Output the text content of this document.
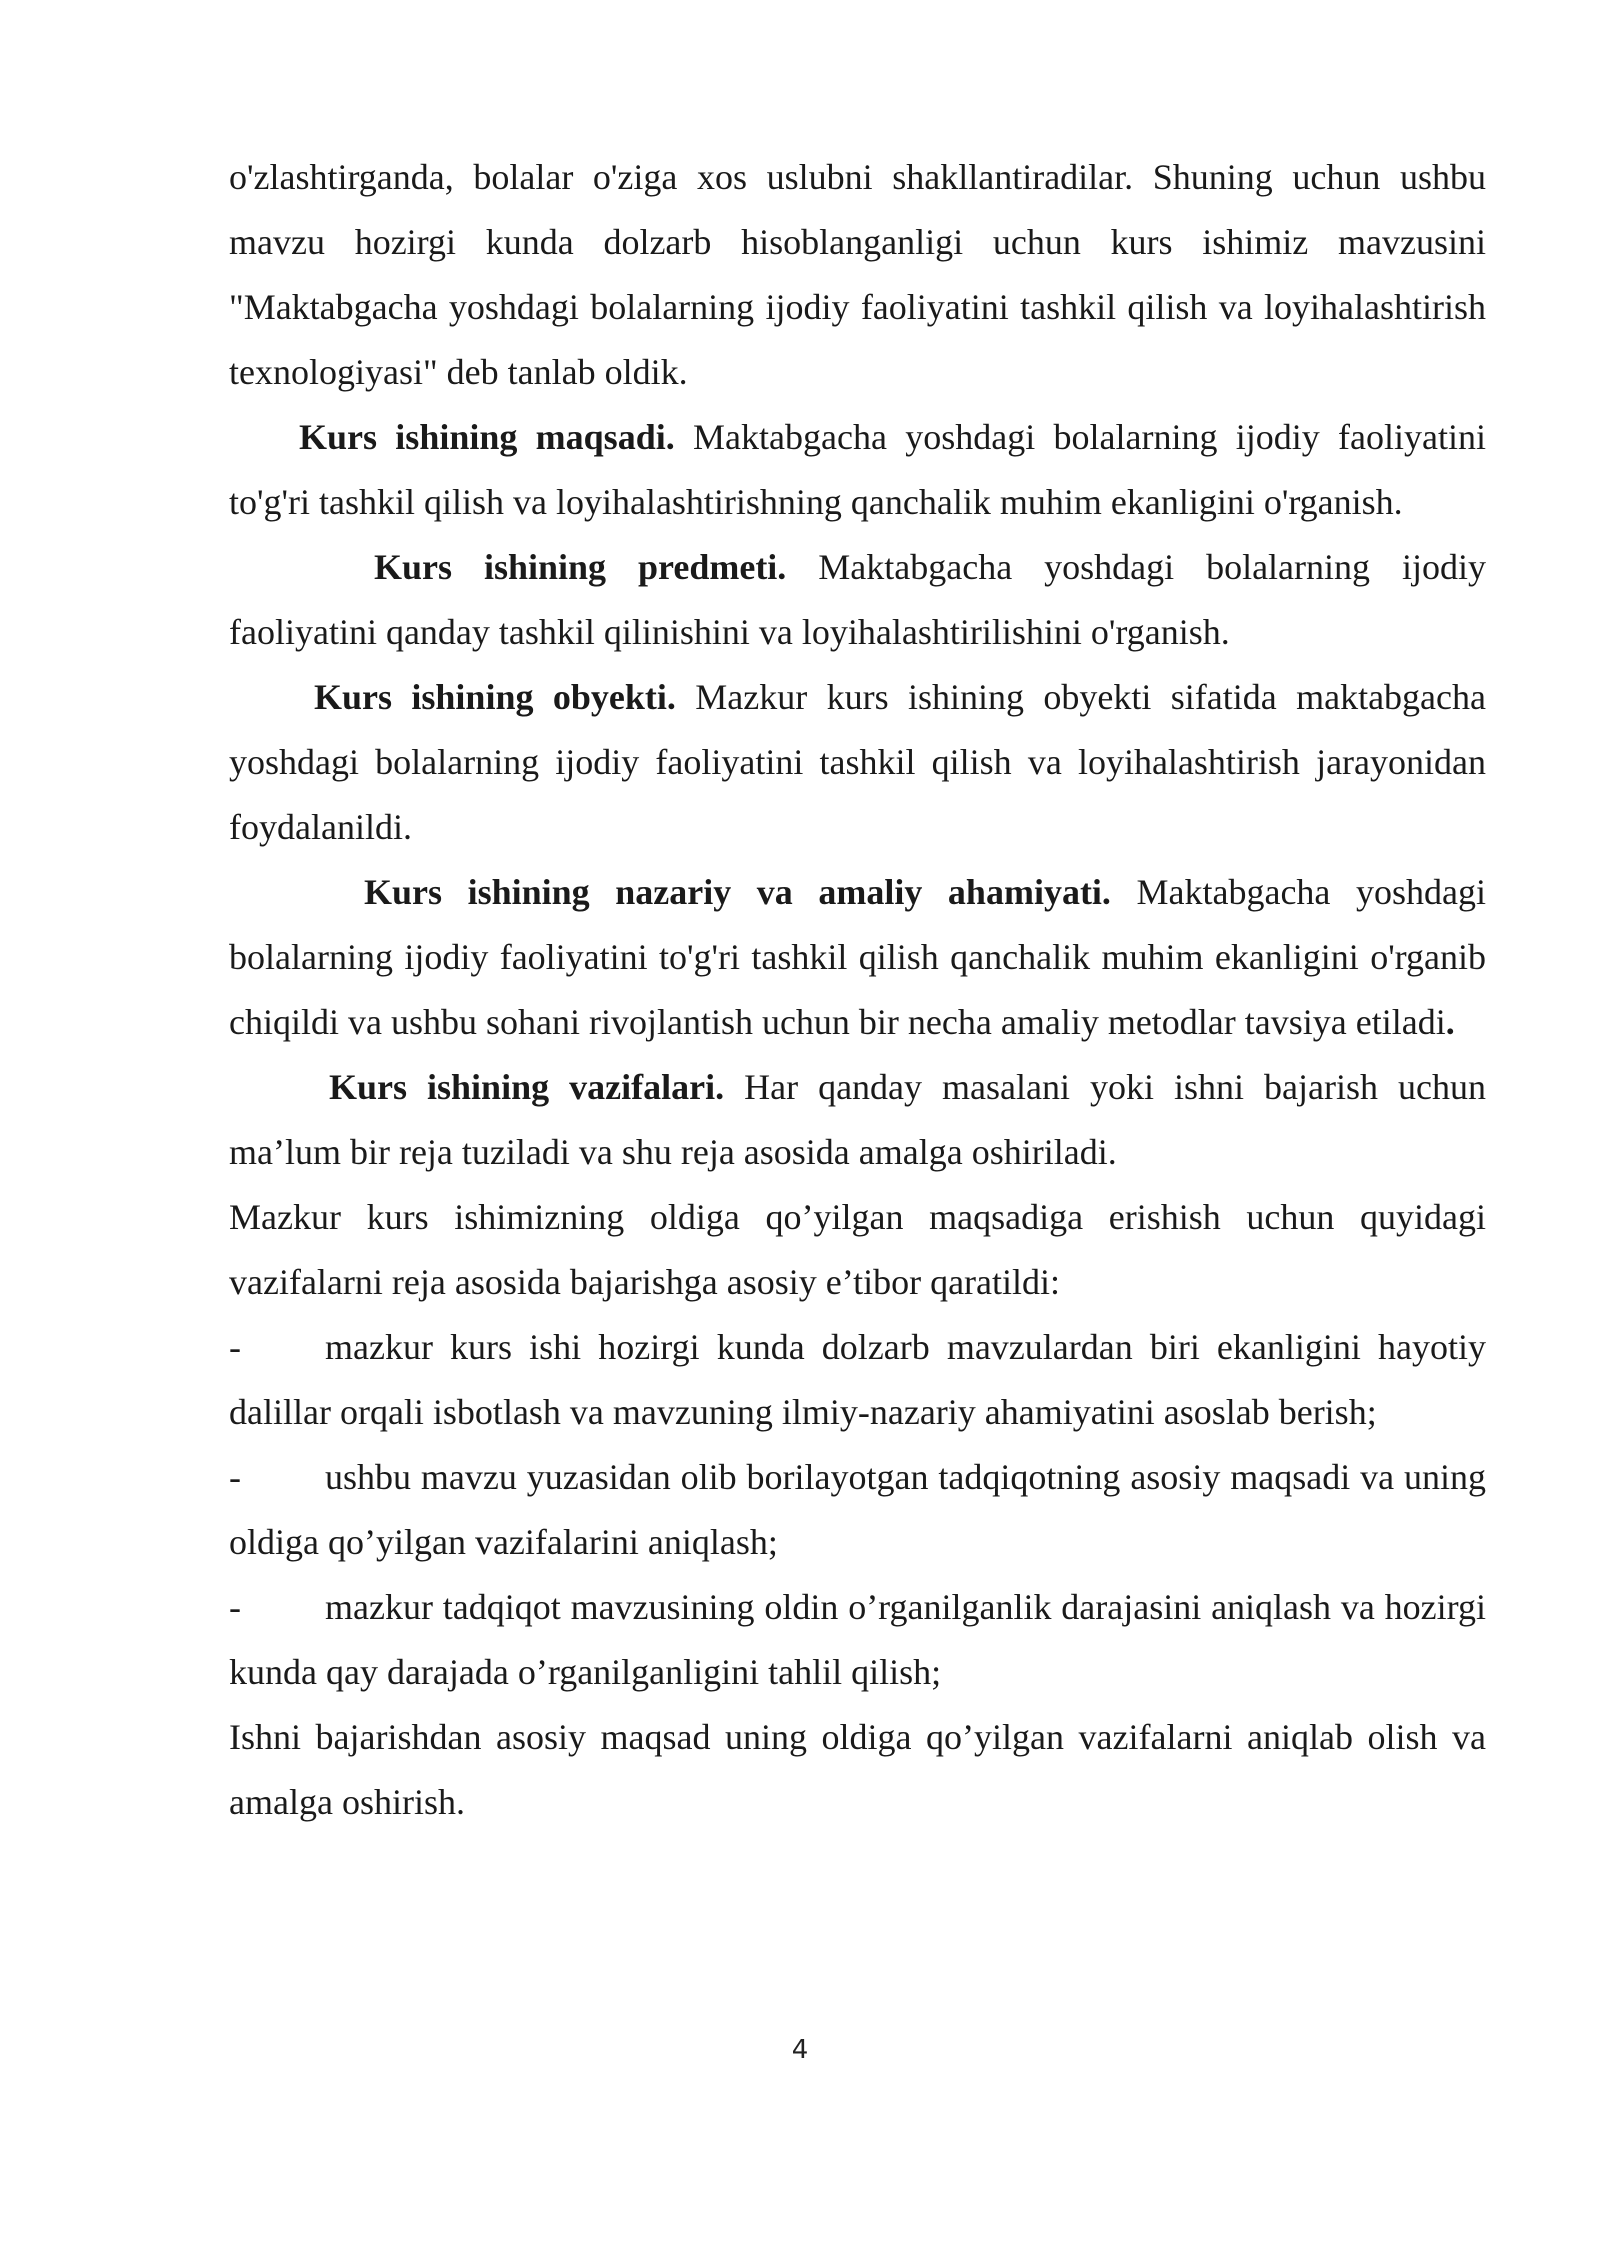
o'zlashtirganda, bolalar o'ziga xos uslubni shakllantiradilar. Shuning uchun ushbu mavzu hozirgi kunda dolzarb hisoblanganligi uchun kurs ishimiz mavzusini "Maktabgacha yoshdagi bolalarning ijodiy faoliyatini tashkil qilish va loyihalashtirish texnologiyasi" deb tanlab oldik.

Kurs ishining maqsadi. Maktabgacha yoshdagi bolalarning ijodiy faoliyatini to'g'ri tashkil qilish va loyihalashtirishning qanchalik muhim ekanligini o'rganish.

Kurs ishining predmeti. Maktabgacha yoshdagi bolalarning ijodiy faoliyatini qanday tashkil qilinishini va loyihalashtirilishini o'rganish.

Kurs ishining obyekti. Mazkur kurs ishining obyekti sifatida maktabgacha yoshdagi bolalarning ijodiy faoliyatini tashkil qilish va loyihalashtirish jarayonidan foydalanildi.

Kurs ishining nazariy va amaliy ahamiyati. Maktabgacha yoshdagi bolalarning ijodiy faoliyatini to'g'ri tashkil qilish qanchalik muhim ekanligini o'rganib chiqildi va ushbu sohani rivojlantish uchun bir necha amaliy metodlar tavsiya etiladi.

Kurs ishining vazifalari. Har qanday masalani yoki ishni bajarish uchun ma’lum bir reja tuziladi va shu reja asosida amalga oshiriladi.

Mazkur kurs ishimizning oldiga qo’yilgan maqsadiga erishish uchun quyidagi vazifalarni reja asosida bajarishga asosiy e’tibor qaratildi:

- mazkur kurs ishi hozirgi kunda dolzarb mavzulardan biri ekanligini hayotiy dalillar orqali isbotlash va mavzuning ilmiy-nazariy ahamiyatini asoslab berish;

- ushbu mavzu yuzasidan olib borilayotgan tadqiqotning asosiy maqsadi va uning oldiga qo’yilgan vazifalarini aniqlash;

- mazkur tadqiqot mavzusining oldin o’rganilganlik darajasini aniqlash va hozirgi kunda qay darajada o’rganilganligini tahlil qilish;

Ishni bajarishdan asosiy maqsad uning oldiga qo’yilgan vazifalarni aniqlab olish va amalga oshirish.

4
